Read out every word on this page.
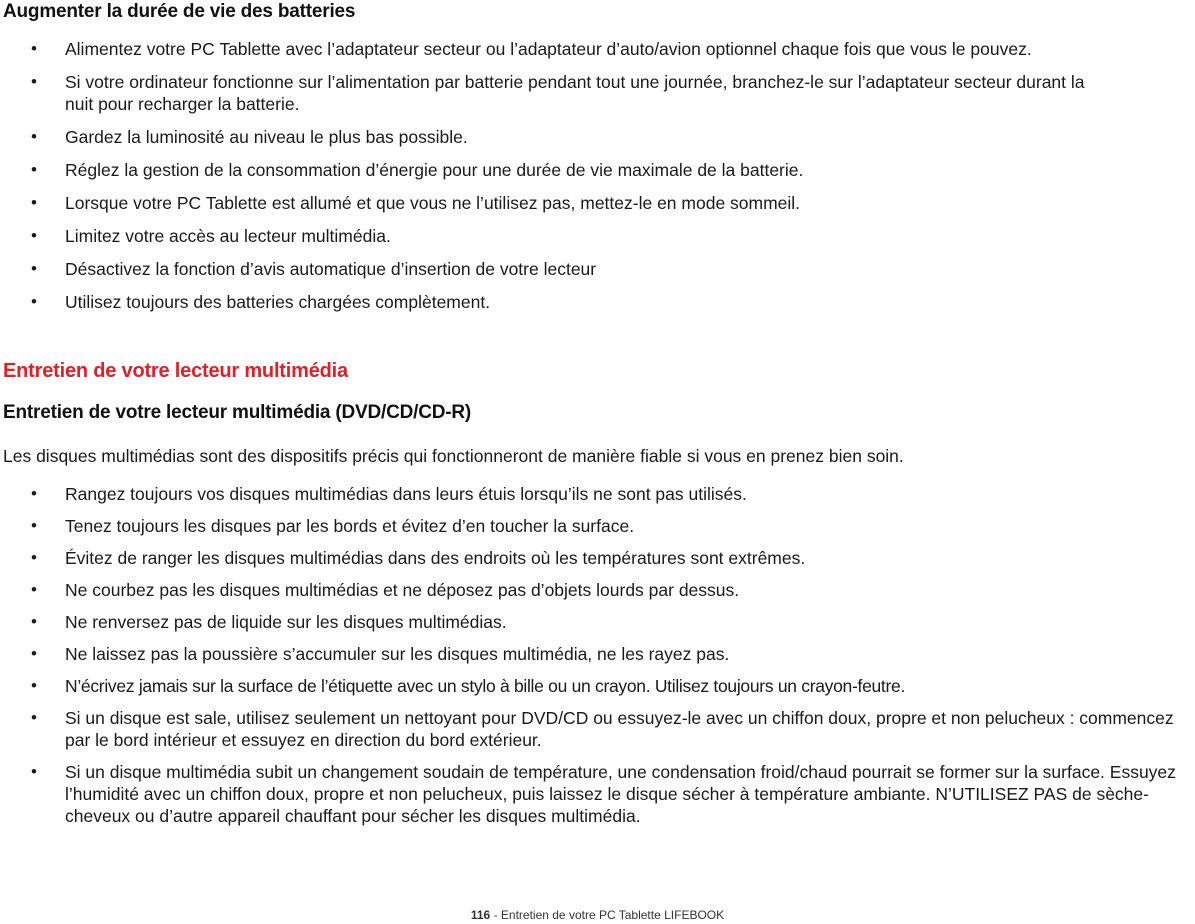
Augmenter la durée de vie des batteries
• Alimentez votre PC Tablette avec l’adaptateur secteur ou l’adaptateur d’auto/avion optionnel chaque fois que vous le pouvez.
• Si votre ordinateur fonctionne sur l’alimentation par batterie pendant tout une journée, branchez-le sur l’adaptateur secteur durant la nuit pour recharger la batterie.
• Gardez la luminosité au niveau le plus bas possible.
• Réglez la gestion de la consommation d’énergie pour une durée de vie maximale de la batterie.
• Lorsque votre PC Tablette est allumé et que vous ne l’utilisez pas, mettez-le en mode sommeil.
• Limitez votre accès au lecteur multimédia.
• Désactivez la fonction d’avis automatique d’insertion de votre lecteur
• Utilisez toujours des batteries chargées complètement.
Entretien de votre lecteur multimédia
Entretien de votre lecteur multimédia (DVD/CD/CD-R)

Les disques multimédias sont des dispositifs précis qui fonctionneront de manière fiable si vous en prenez bien soin.

• Rangez toujours vos disques multimédias dans leurs étuis lorsqu’ils ne sont pas utilisés.
• Tenez toujours les disques par les bords et évitez d’en toucher la surface.
• Évitez de ranger les disques multimédias dans des endroits où les températures sont extrêmes.
• Ne courbez pas les disques multimédias et ne déposez pas d’objets lourds par dessus.
• Ne renversez pas de liquide sur les disques multimédias.
• Ne laissez pas la poussière s’accumuler sur les disques multimédia, ne les rayez pas.
• N’écrivez jamais sur la surface de l’étiquette avec un stylo à bille ou un crayon. Utilisez toujours un crayon-feutre.
• Si un disque est sale, utilisez seulement un nettoyant pour DVD/CD ou essuyez-le avec un chiffon doux, propre et non pelucheux : commencez par le bord intérieur et essuyez en direction du bord extérieur.
• Si un disque multimédia subit un changement soudain de température, une condensation froid/chaud pourrait se former sur la surface. Essuyez l’humidité avec un chiffon doux, propre et non pelucheux, puis laissez le disque sécher à température ambiante. N’UTILISEZ PAS de sèche-cheveux ou d’autre appareil chauffant pour sécher les disques multimédia.
116 - Entretien de votre PC Tablette LIFEBOOK
